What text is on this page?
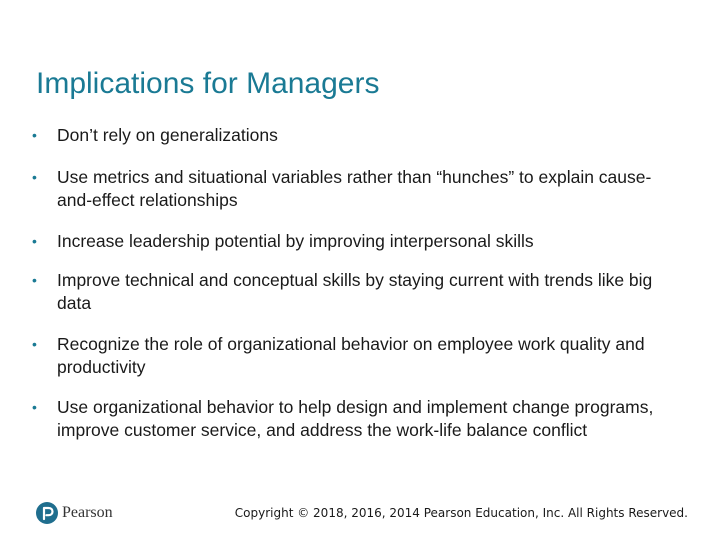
Implications for Managers
• Don’t rely on generalizations
• Use metrics and situational variables rather than “hunches” to explain cause-and-effect relationships
• Increase leadership potential by improving interpersonal skills
• Improve technical and conceptual skills by staying current with trends like big data
• Recognize the role of organizational behavior on employee work quality and productivity
• Use organizational behavior to help design and implement change programs, improve customer service, and address the work-life balance conflict
Pearson	Copyright © 2018, 2016, 2014 Pearson Education, Inc. All Rights Reserved.
